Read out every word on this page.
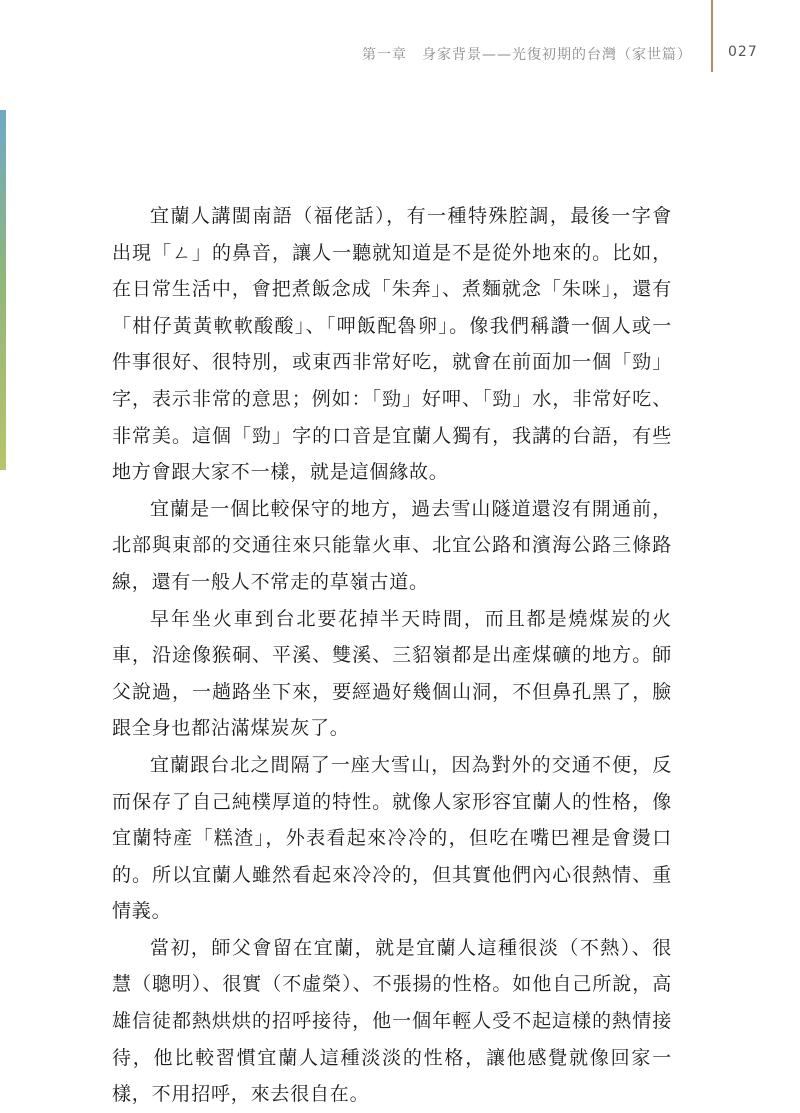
第一章　身家背景——光復初期的台灣（家世篇）	027

宜蘭人講閩南語（福佬話），有一種特殊腔調，最後一字會出現「ㄥ」的鼻音，讓人一聽就知道是不是從外地來的。比如，在日常生活中，會把煮飯念成「朱奔」、煮麵就念「朱咪」，還有「柑仔黃黃軟軟酸酸」、「呷飯配魯卵」。像我們稱讚一個人或一件事很好、很特別，或東西非常好吃，就會在前面加一個「勁」字，表示非常的意思；例如：「勁」好呷、「勁」水，非常好吃、非常美。這個「勁」字的口音是宜蘭人獨有，我講的台語，有些地方會跟大家不一樣，就是這個緣故。

宜蘭是一個比較保守的地方，過去雪山隧道還沒有開通前，北部與東部的交通往來只能靠火車、北宜公路和濱海公路三條路線，還有一般人不常走的草嶺古道。

早年坐火車到台北要花掉半天時間，而且都是燒煤炭的火車，沿途像猴硐、平溪、雙溪、三貂嶺都是出產煤礦的地方。師父說過，一趟路坐下來，要經過好幾個山洞，不但鼻孔黑了，臉跟全身也都沾滿煤炭灰了。

宜蘭跟台北之間隔了一座大雪山，因為對外的交通不便，反而保存了自己純樸厚道的特性。就像人家形容宜蘭人的性格，像宜蘭特產「糕渣」，外表看起來冷冷的，但吃在嘴巴裡是會燙口的。所以宜蘭人雖然看起來冷冷的，但其實他們內心很熱情、重情義。

當初，師父會留在宜蘭，就是宜蘭人這種很淡（不熱）、很慧（聰明）、很實（不虛榮）、不張揚的性格。如他自己所說，高雄信徒都熱烘烘的招呼接待，他一個年輕人受不起這樣的熱情接待，他比較習慣宜蘭人這種淡淡的性格，讓他感覺就像回家一樣，不用招呼，來去很自在。
